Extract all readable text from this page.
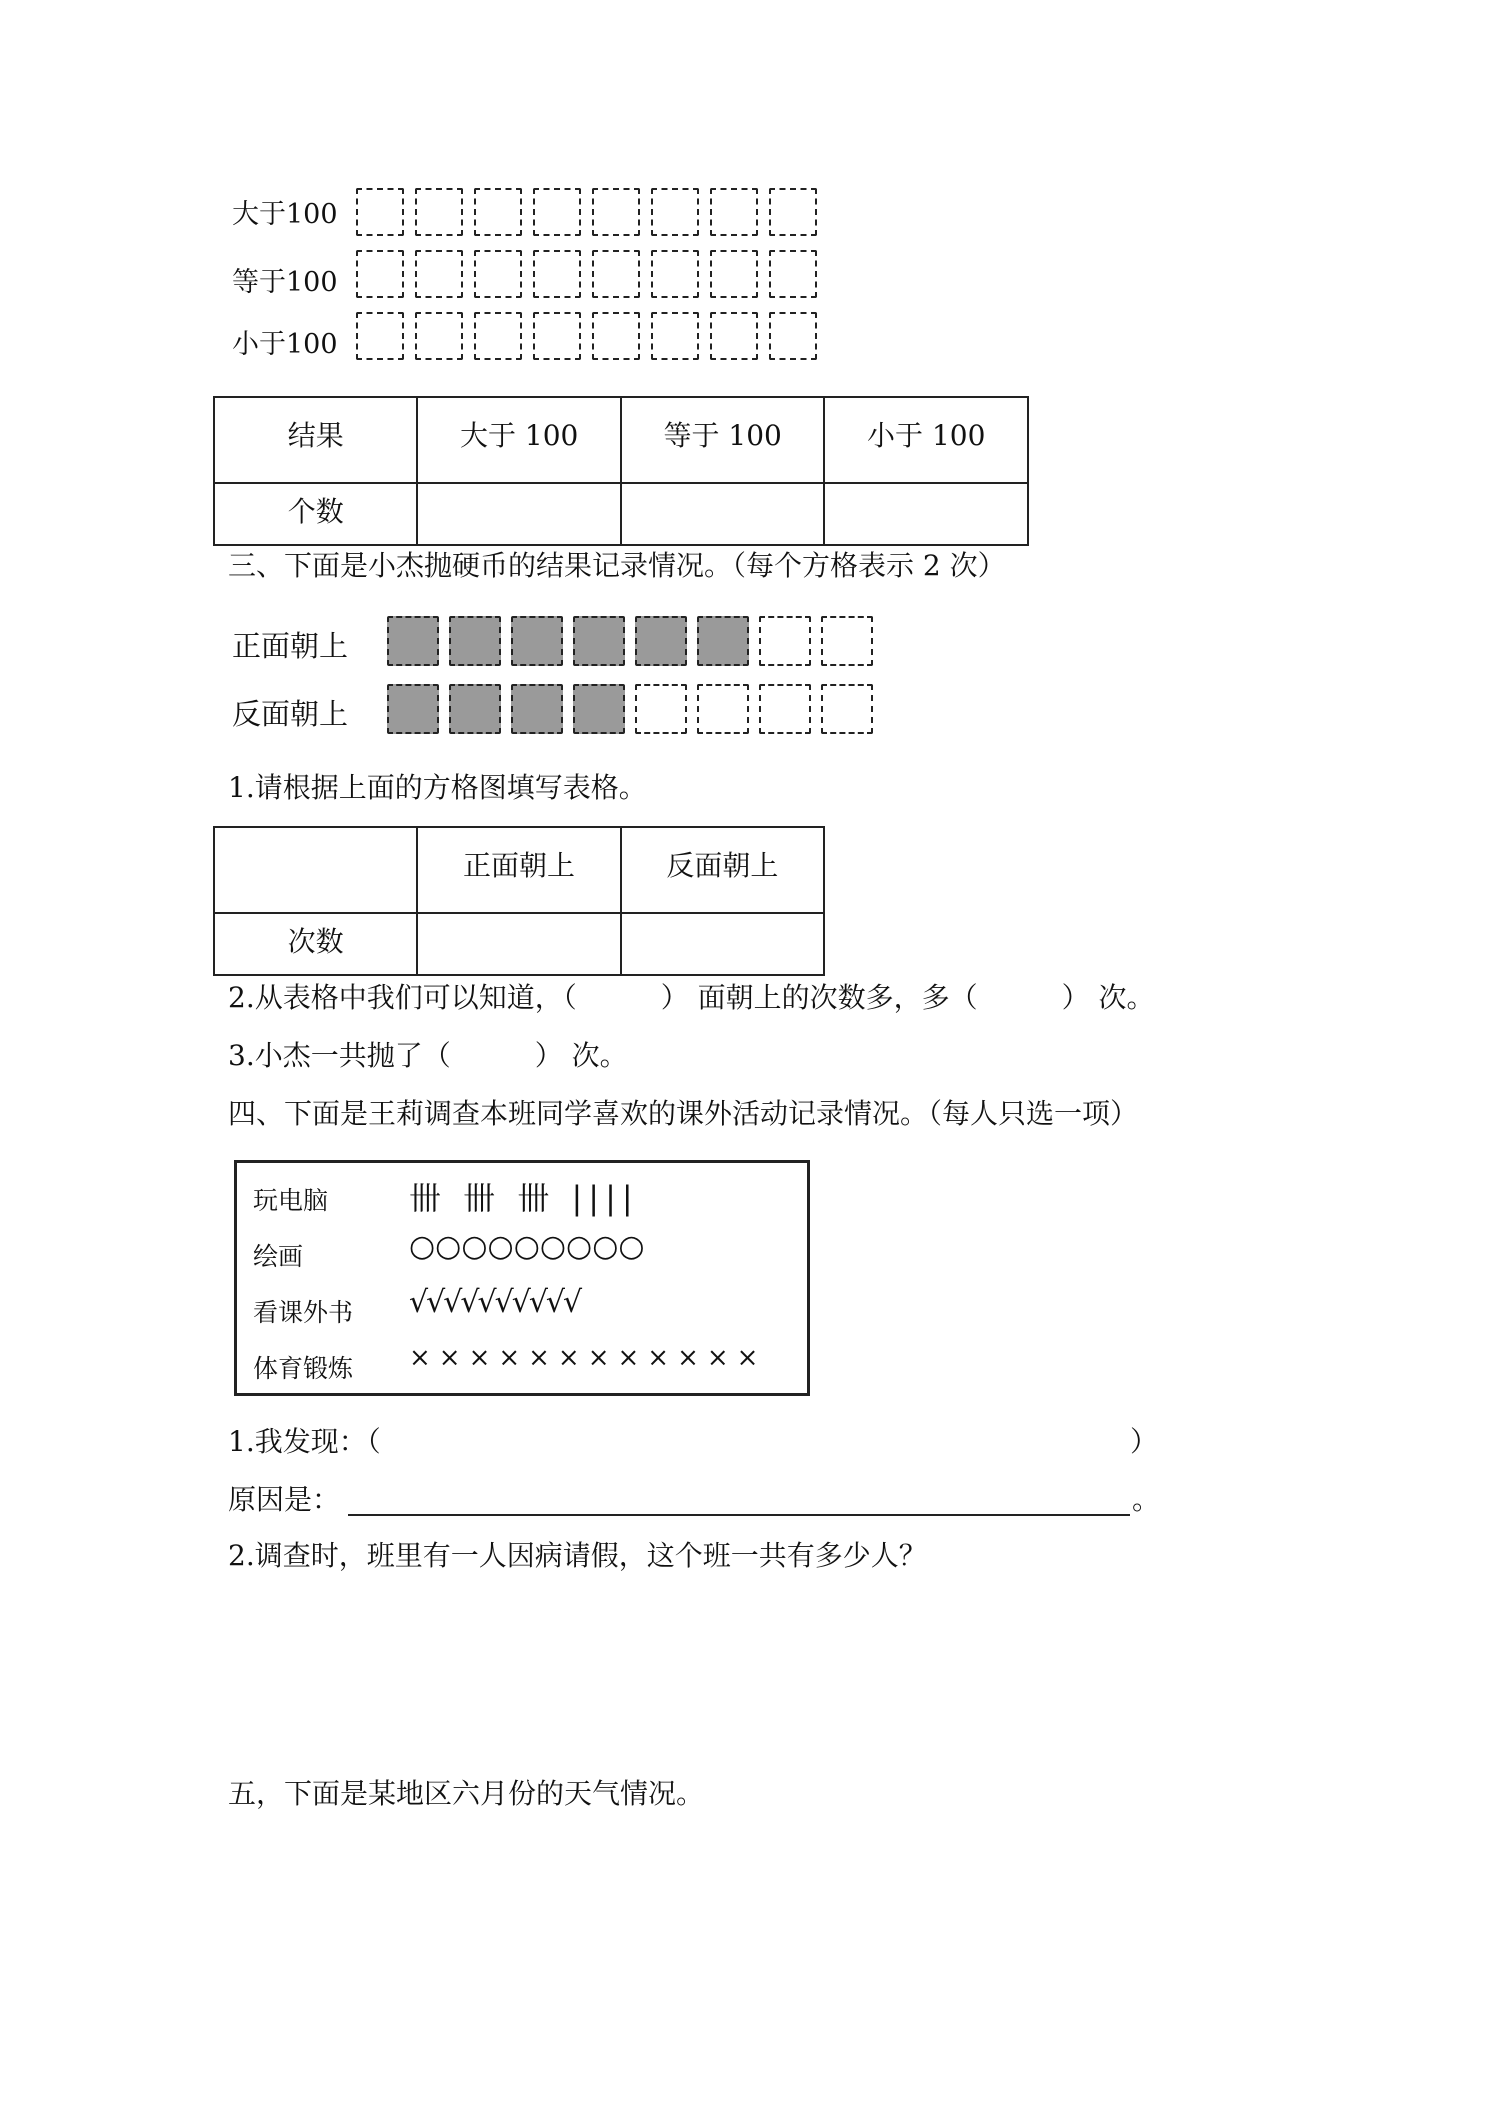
大于100
等于100
小于100
结果	大于 100	等于 100	小于 100
个数			
三、下面是小杰抛硬币的结果记录情况。（每个方格表示 2 次）
正面朝上
反面朝上
1.请根据上面的方格图填写表格。
	正面朝上	反面朝上
次数		
2.从表格中我们可以知道，（　　　） 面朝上的次数多，多（　　　） 次。
3.小杰一共抛了（　　　） 次。
四、下面是王莉调查本班同学喜欢的课外活动记录情况。（每人只选一项）
玩电脑	卌 卌 卌 ||||
绘画	○○○○○○○○○
看课外书 √√√√√√√√√√
体育锻炼 ××××××××××××
1.我发现：（	）
原因是：	。
2.调查时，班里有一人因病请假，这个班一共有多少人？
五，下面是某地区六月份的天气情况。
